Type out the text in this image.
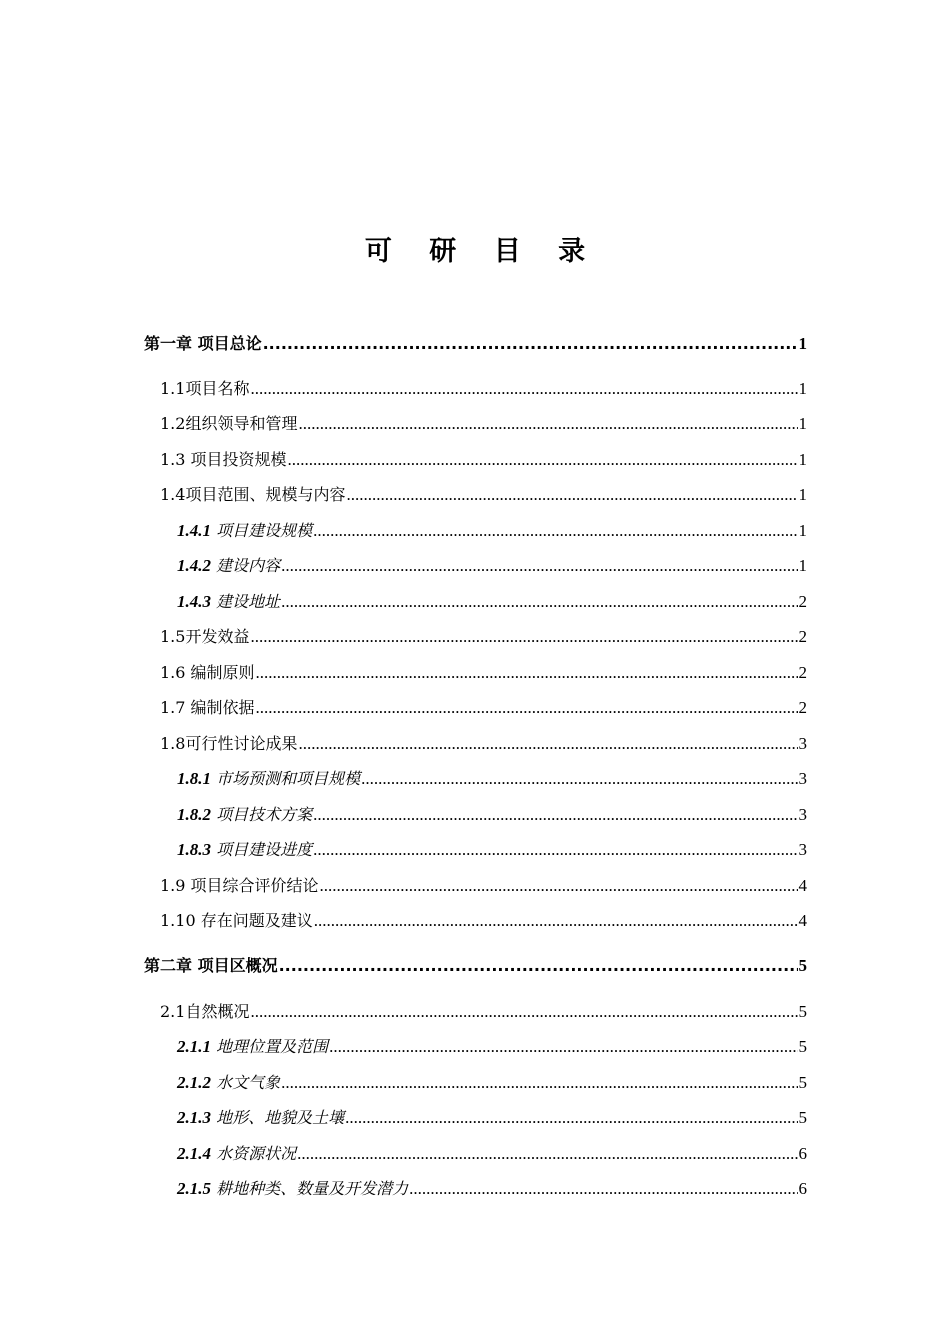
可 研 目 录
第一章 项目总论 .....	1
1.1项目名称 .....	1
1.2组织领导和管理 .....	1
1.3 项目投资规模 .....	1
1.4项目范围、规模与内容 .....	1
1.4.1 项目建设规模 .....	1
1.4.2 建设内容 .....	1
1.4.3 建设地址 .....	2
1.5开发效益 .....	2
1.6 编制原则 .....	2
1.7 编制依据 .....	2
1.8可行性讨论成果 .....	3
1.8.1 市场预测和项目规模 .....	3
1.8.2 项目技术方案 .....	3
1.8.3 项目建设进度 .....	3
1.9 项目综合评价结论 .....	4
1.10 存在问题及建议 .....	4
第二章 项目区概况 .....	5
2.1自然概况 .....	5
2.1.1 地理位置及范围 .....	5
2.1.2 水文气象 .....	5
2.1.3 地形、地貌及土壤 .....	5
2.1.4 水资源状况 .....	6
2.1.5 耕地种类、数量及开发潜力 .....	6
